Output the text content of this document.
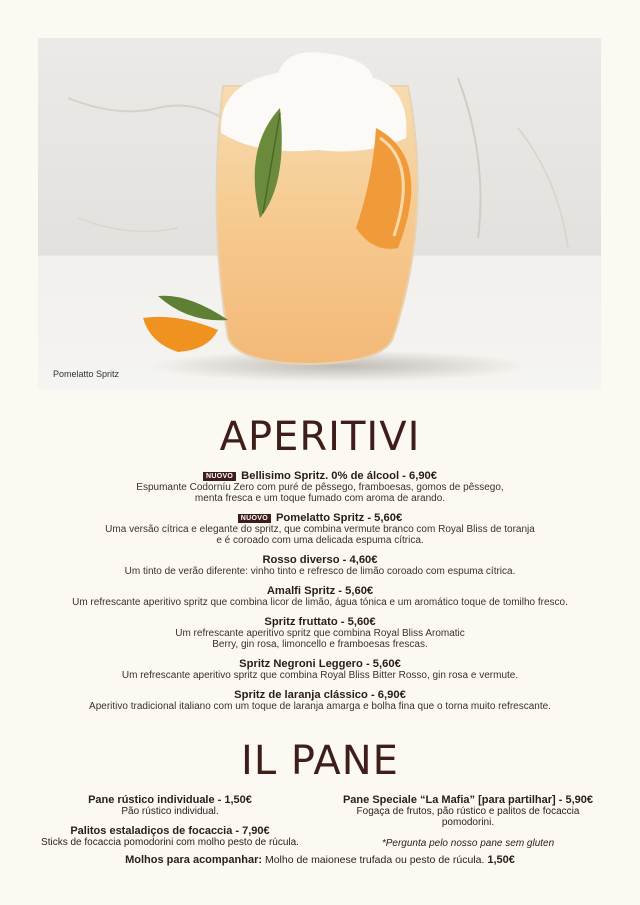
Pomelatto Spritz
APERITIVI
NUOVO Bellisimo Spritz. 0% de álcool - 6,90€
Espumante Codorníu Zero com puré de pêssego, framboesas, gomos de pêssego,
menta fresca e um toque fumado com aroma de arando.
NUOVO Pomelatto Spritz - 5,60€
Uma versão cítrica e elegante do spritz, que combina vermute branco com Royal Bliss de toranja
e é coroado com uma delicada espuma cítrica.
Rosso diverso - 4,60€
Um tinto de verão diferente: vinho tinto e refresco de limão coroado com espuma cítrica.
Amalfi Spritz - 5,60€
Um refrescante aperitivo spritz que combina licor de limão, água tónica e um aromático toque de tomilho fresco.
Spritz fruttato - 5,60€
Um refrescante aperitivo spritz que combina Royal Bliss Aromatic
Berry, gin rosa, limoncello e framboesas frescas.
Spritz Negroni Leggero - 5,60€
Um refrescante aperitivo spritz que combina Royal Bliss Bitter Rosso, gin rosa e vermute.
Spritz de laranja clássico - 6,90€
Aperitivo tradicional italiano com um toque de laranja amarga e bolha fina que o torna muito refrescante.
IL PANE
Pane rústico individuale - 1,50€
Pão rústico individual.
Palitos estaladiços de focaccia - 7,90€
Sticks de focaccia pomodorini com molho pesto de rúcula.
Pane Speciale “La Mafia” [para partilhar] - 5,90€
Fogaça de frutos, pão rústico e palitos de focaccia
pomodorini.
*Pergunta pelo nosso pane sem gluten
Molhos para acompanhar: Molho de maionese trufada ou pesto de rúcula. 1,50€
